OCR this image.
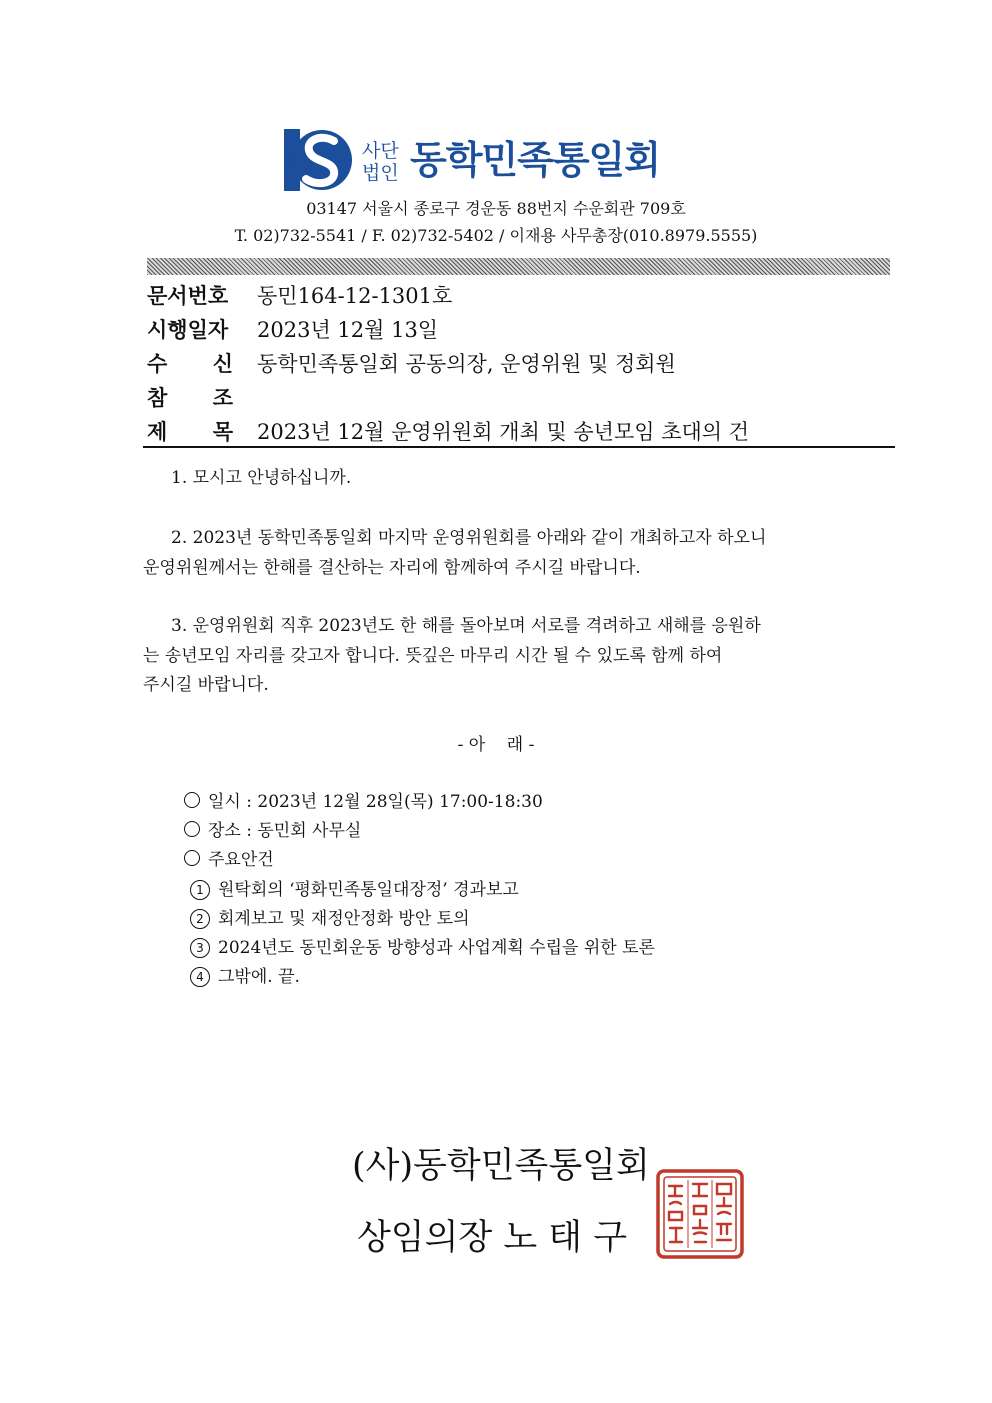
사단
법인 동학민족통일회
03147 서울시 종로구 경운동 88번지 수운회관 709호
T. 02)732-5541 / F. 02)732-5402 / 이재용 사무총장(010.8979.5555)
문서번호 동민164-12-1301호
시행일자 2023년 12월 13일
수 신 동학민족통일회 공동의장, 운영위원 및 정회원
참 조
제 목 2023년 12월 운영위원회 개최 및 송년모임 초대의 건
1. 모시고 안녕하십니까.
2. 2023년 동학민족통일회 마지막 운영위원회를 아래와 같이 개최하고자 하오니
운영위원께서는 한해를 결산하는 자리에 함께하여 주시길 바랍니다.
3. 운영위원회 직후 2023년도 한 해를 돌아보며 서로를 격려하고 새해를 응원하
는 송년모임 자리를 갖고자 합니다. 뜻깊은 마무리 시간 될 수 있도록 함께 하여
주시길 바랍니다.
- 아    래 -
일시 : 2023년 12월 28일(목) 17:00-18:30
장소 : 동민회 사무실
주요안건
1 원탁회의 ‘평화민족통일대장정’ 경과보고
2 회계보고 및 재정안정화 방안 토의
3 2024년도 동민회운동 방향성과 사업계획 수립을 위한 토론
4 그밖에. 끝.
(사)동학민족통일회
상임의장 노 태 구
